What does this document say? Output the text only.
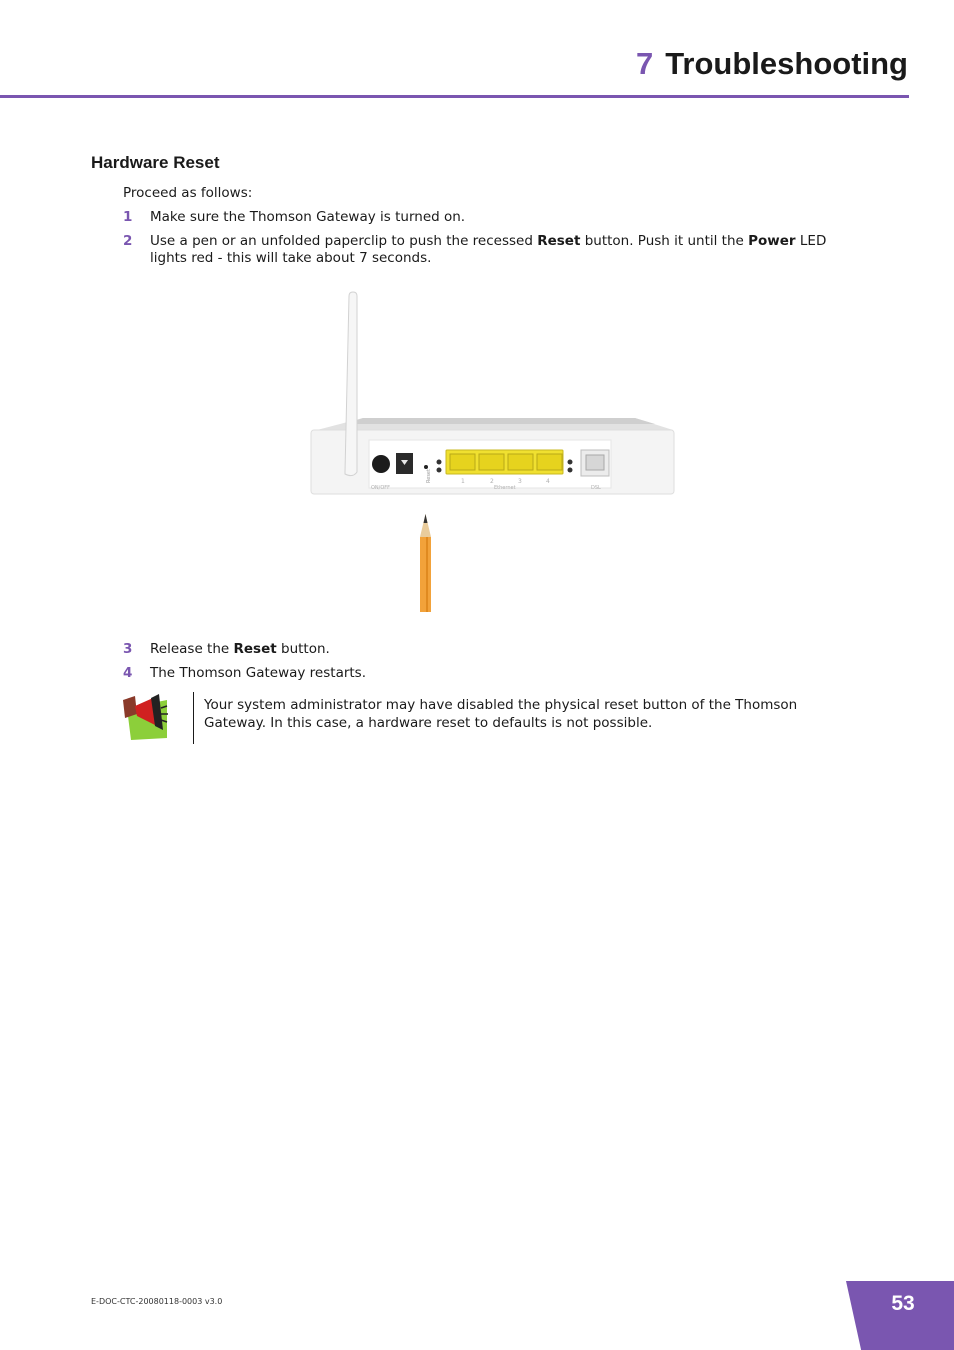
7 Troubleshooting
Hardware Reset

Proceed as follows:

1 Make sure the Thomson Gateway is turned on.
2 Use a pen or an unfolded paperclip to push the recessed Reset button. Push it until the Power LED lights red - this will take about 7 seconds.
ON/OFF
Reset	1	2	3	4
Ethernet	DSL
3 Release the Reset button.
4 The Thomson Gateway restarts.

Your system administrator may have disabled the physical reset button of the Thomson Gateway. In this case, a hardware reset to defaults is not possible.

E-DOC-CTC-20080118-0003 v3.0	53
